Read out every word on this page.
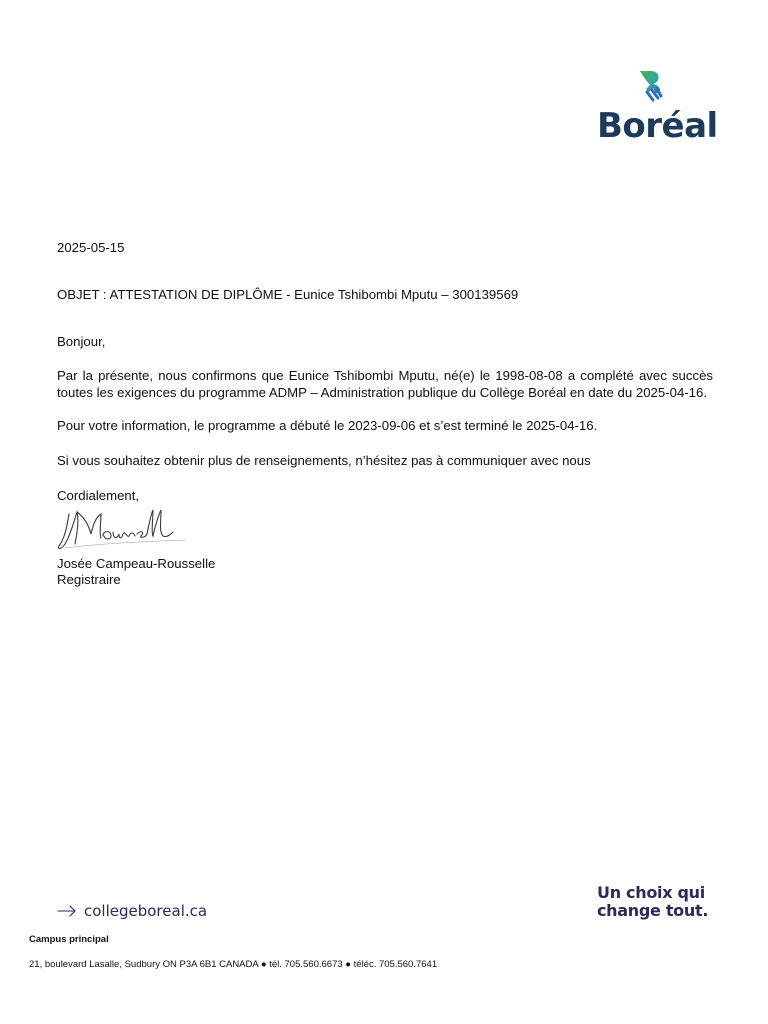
Boréal
2025-05-15
OBJET : ATTESTATION DE DIPLÔME - Eunice Tshibombi Mputu – 300139569
Bonjour,
Par la présente, nous confirmons que Eunice Tshibombi Mputu, né(e) le 1998-08-08 a complété avec succès toutes les exigences du programme ADMP – Administration publique du Collège Boréal en date du 2025-04-16.
Pour votre information, le programme a débuté le 2023-09-06 et s’est terminé le 2025-04-16.
Si vous souhaitez obtenir plus de renseignements, n’hésitez pas à communiquer avec nous
Cordialement,
Josée Campeau-Rousselle
Registraire
collegeboreal.ca
Un choix qui
change tout.
Campus principal
21, boulevard Lasalle, Sudbury ON P3A 6B1 CANADA ● tél. 705.560.6673 ● téléc. 705.560.7641
